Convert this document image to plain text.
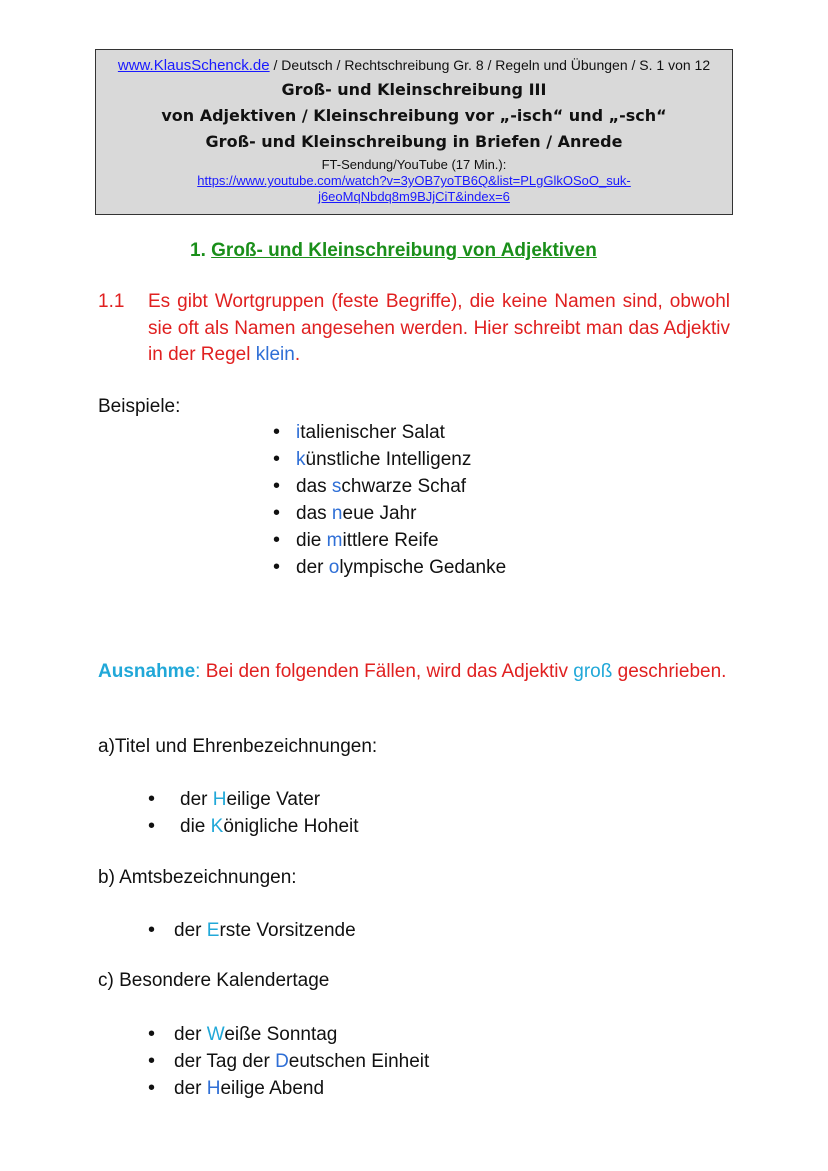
www.KlausSchenck.de / Deutsch / Rechtschreibung Gr. 8 / Regeln und Übungen / S. 1 von 12
Groß- und Kleinschreibung III
von Adjektiven / Kleinschreibung vor „-isch“ und „-sch“
Groß- und Kleinschreibung in Briefen / Anrede
FT-Sendung/YouTube (17 Min.):
https://www.youtube.com/watch?v=3yOB7yoTB6Q&list=PLgGlkOSoO_suk-
j6eoMqNbdq8m9BJjCiT&index=6
1. Groß- und Kleinschreibung von Adjektiven
1.1 Es gibt Wortgruppen (feste Begriffe), die keine Namen sind, obwohl sie oft als Namen angesehen werden. Hier schreibt man das Adjektiv in der Regel klein.
Beispiele:
• italienischer Salat
• künstliche Intelligenz
• das schwarze Schaf
• das neue Jahr
• die mittlere Reife
• der olympische Gedanke
Ausnahme: Bei den folgenden Fällen, wird das Adjektiv groß geschrieben.
a)Titel und Ehrenbezeichnungen:
• der Heilige Vater
• die Königliche Hoheit
b) Amtsbezeichnungen:
• der Erste Vorsitzende
c) Besondere Kalendertage
• der Weiße Sonntag
• der Tag der Deutschen Einheit
• der Heilige Abend
